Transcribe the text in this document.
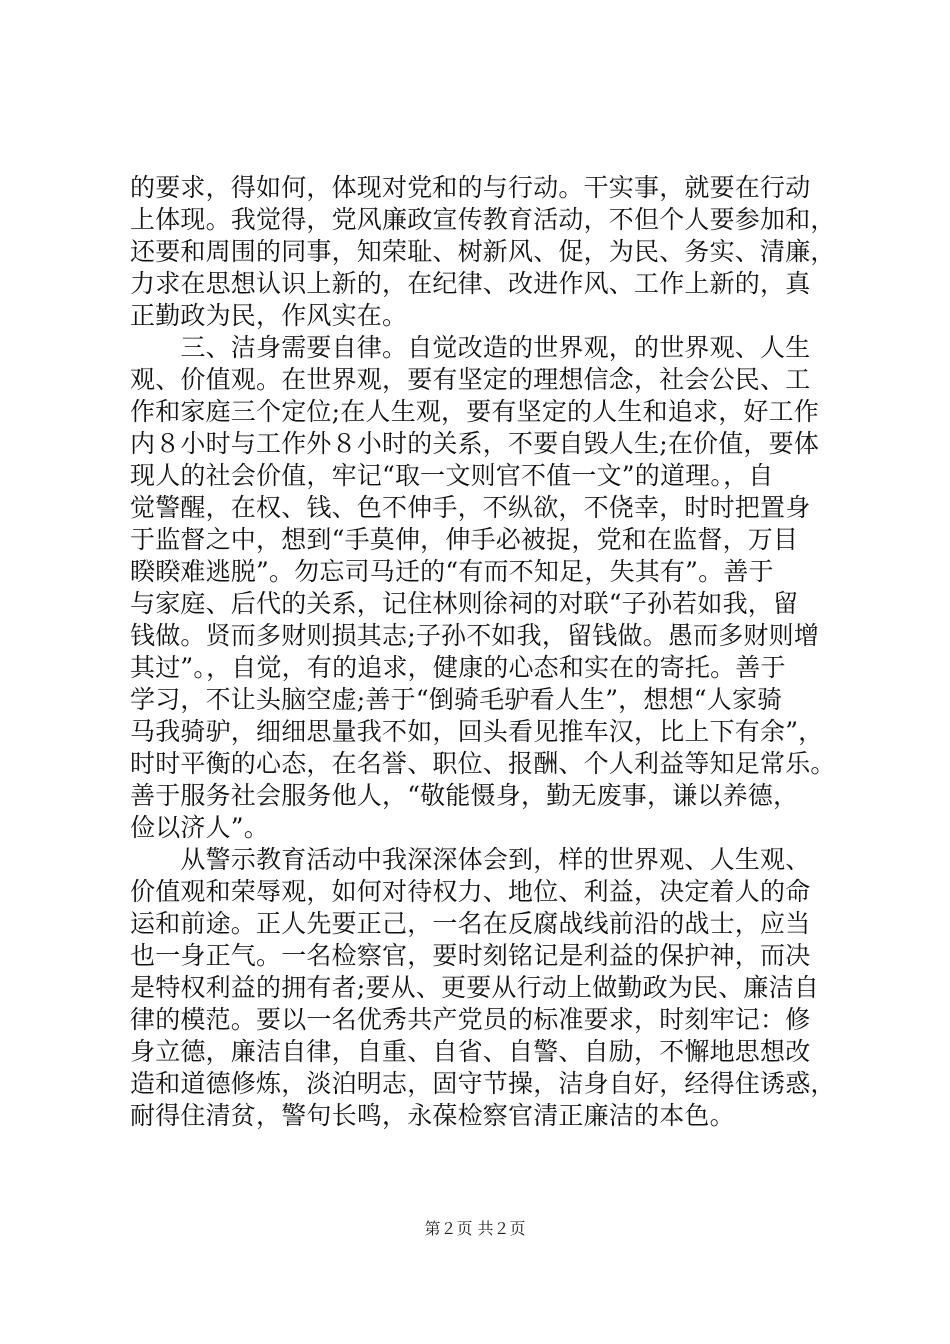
的要求，得如何，体现对党和的与行动。干实事，就要在行动
上体现。我觉得，党风廉政宣传教育活动，不但个人要参加和，
还要和周围的同事，知荣耻、树新风、促，为民、务实、清廉，
力求在思想认识上新的，在纪律、改进作风、工作上新的，真
正勤政为民，作风实在。
　　三、洁身需要自律。自觉改造的世界观，的世界观、人生
观、价值观。在世界观，要有坚定的理想信念，社会公民、工
作和家庭三个定位;在人生观，要有坚定的人生和追求，好工作
内８小时与工作外８小时的关系，不要自毁人生;在价值，要体
现人的社会价值，牢记“取一文则官不值一文”的道理。，自
觉警醒，在权、钱、色不伸手，不纵欲，不侥幸，时时把置身
于监督之中，想到“手莫伸，伸手必被捉，党和在监督，万目
睽睽难逃脱”。勿忘司马迁的“有而不知足，失其有”。善于
与家庭、后代的关系，记住林则徐祠的对联“子孙若如我，留
钱做。贤而多财则损其志;子孙不如我，留钱做。愚而多财则增
其过”。，自觉，有的追求，健康的心态和实在的寄托。善于
学习，不让头脑空虚;善于“倒骑毛驴看人生”，想想“人家骑
马我骑驴，细细思量我不如，回头看见推车汉，比上下有余”，
时时平衡的心态，在名誉、职位、报酬、个人利益等知足常乐。
善于服务社会服务他人，“敬能慑身，勤无废事，谦以养德，
俭以济人”。
　　从警示教育活动中我深深体会到，样的世界观、人生观、
价值观和荣辱观，如何对待权力、地位、利益，决定着人的命
运和前途。正人先要正己，一名在反腐战线前沿的战士，应当
也一身正气。一名检察官，要时刻铭记是利益的保护神，而决
是特权利益的拥有者;要从、更要从行动上做勤政为民、廉洁自
律的模范。要以一名优秀共产党员的标准要求，时刻牢记：修
身立德，廉洁自律，自重、自省、自警、自励，不懈地思想改
造和道德修炼，淡泊明志，固守节操，洁身自好，经得住诱惑，
耐得住清贫，警句长鸣，永葆检察官清正廉洁的本色。
第２页 共２页
